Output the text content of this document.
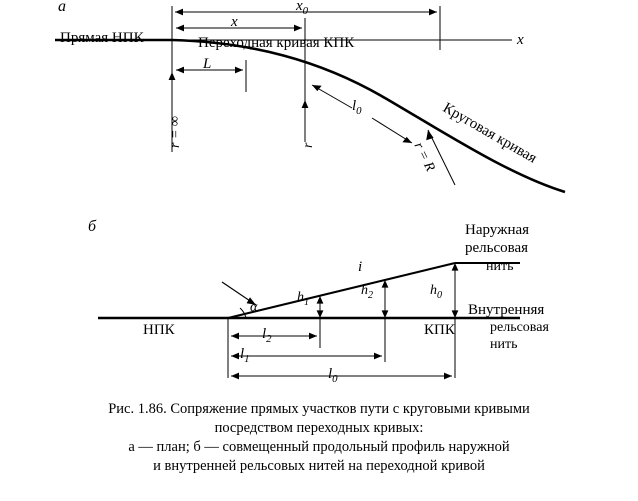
а
Прямая НПК	Переходная кривая КПК	x
$x_0$
x
L
$l_0$
r = ∞	r	r = R Круговая кривая
б	Наружная
рельсовая
нить
Внутренняя
рельсовая
нить
i
α
$h_1$
$h_2$	$h_0$
НПК	КПК
$l_2$
$l_1$
$l_0$
Рис. 1.86. Сопряжение прямых участков пути с круговыми кривыми
посредством переходных кривых:
а — план; б — совмещенный продольный профиль наружной
и внутренней рельсовых нитей на переходной кривой
